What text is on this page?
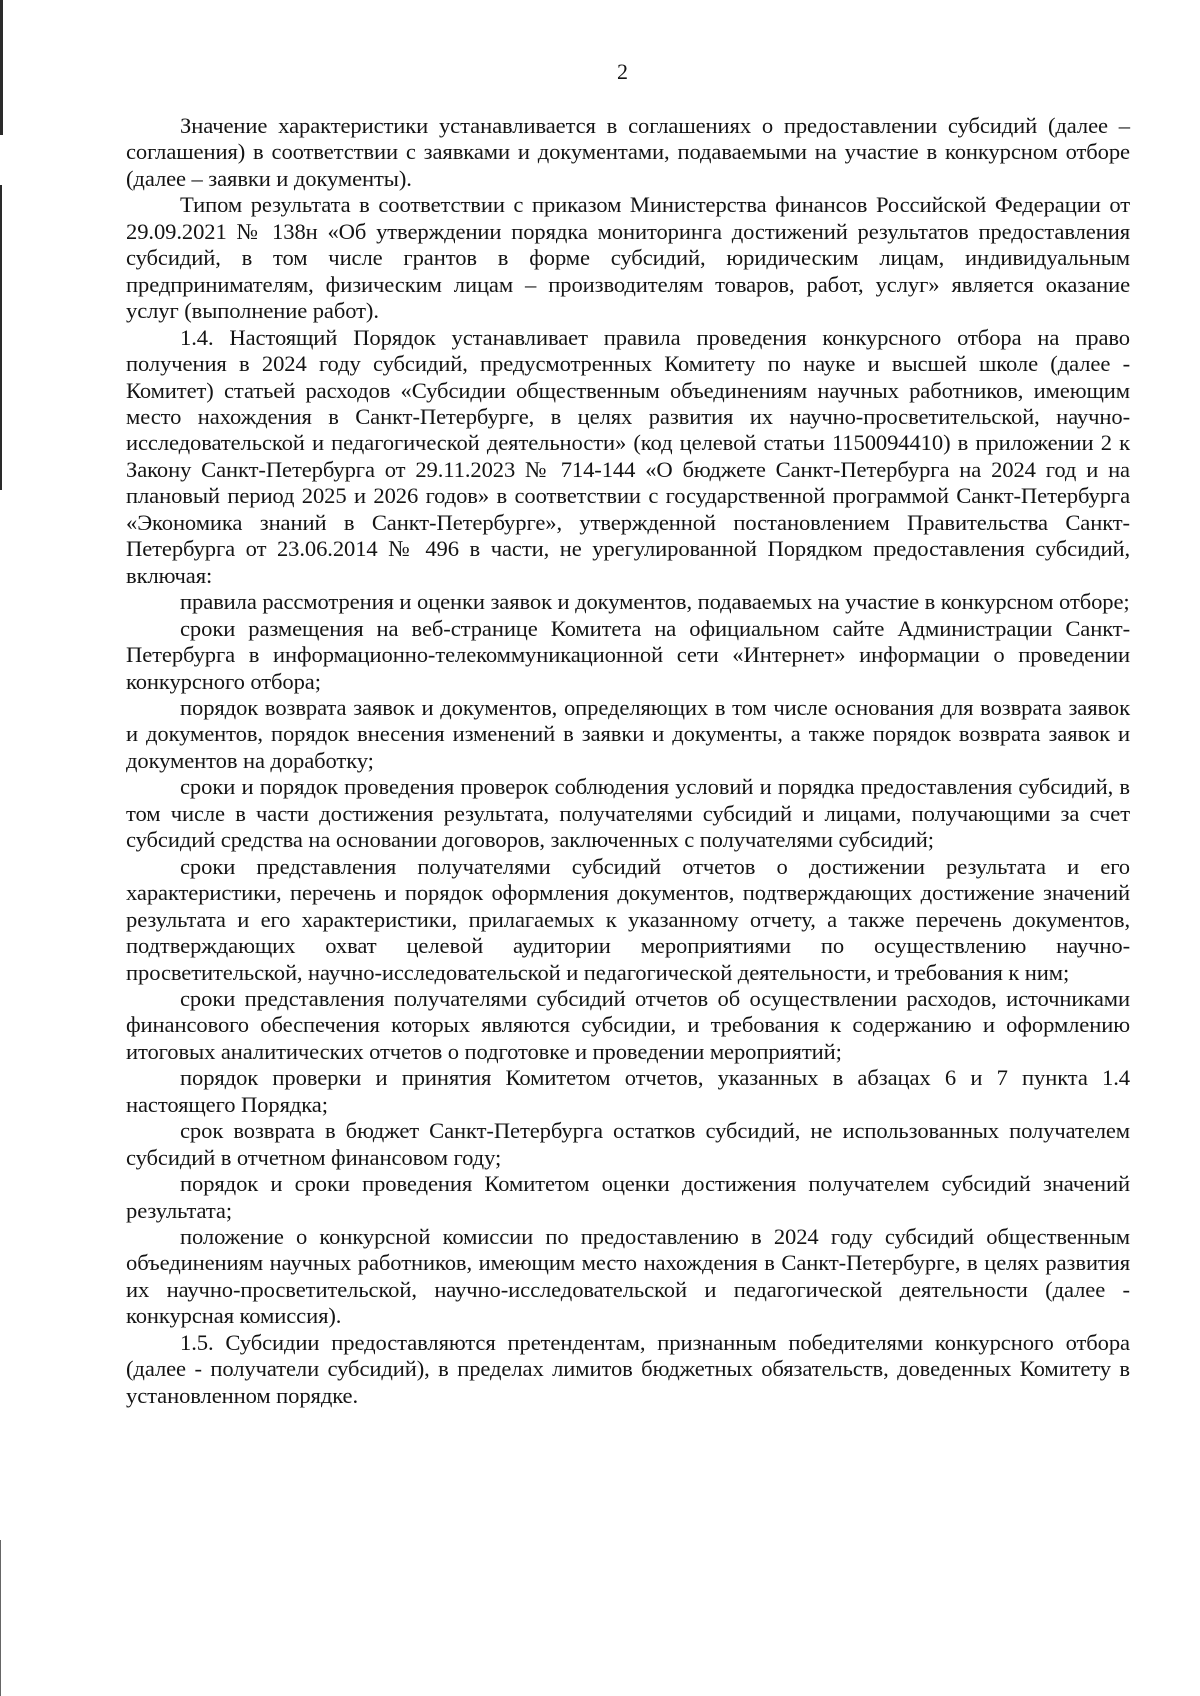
2

Значение характеристики устанавливается в соглашениях о предоставлении субсидий (далее – соглашения) в соответствии с заявками и документами, подаваемыми на участие в конкурсном отборе (далее – заявки и документы).

Типом результата в соответствии с приказом Министерства финансов Российской Федерации от 29.09.2021 № 138н «Об утверждении порядка мониторинга достижений результатов предоставления субсидий, в том числе грантов в форме субсидий, юридическим лицам, индивидуальным предпринимателям, физическим лицам – производителям товаров, работ, услуг» является оказание услуг (выполнение работ).

1.4. Настоящий Порядок устанавливает правила проведения конкурсного отбора на право получения в 2024 году субсидий, предусмотренных Комитету по науке и высшей школе (далее - Комитет) статьей расходов «Субсидии общественным объединениям научных работников, имеющим место нахождения в Санкт-Петербурге, в целях развития их научно-просветительской, научно-исследовательской и педагогической деятельности» (код целевой статьи 1150094410) в приложении 2 к Закону Санкт-Петербурга от 29.11.2023 № 714-144 «О бюджете Санкт-Петербурга на 2024 год и на плановый период 2025 и 2026 годов» в соответствии с государственной программой Санкт-Петербурга «Экономика знаний в Санкт-Петербурге», утвержденной постановлением Правительства Санкт-Петербурга от 23.06.2014 № 496 в части, не урегулированной Порядком предоставления субсидий, включая:

правила рассмотрения и оценки заявок и документов, подаваемых на участие в конкурсном отборе;

сроки размещения на веб-странице Комитета на официальном сайте Администрации Санкт-Петербурга в информационно-телекоммуникационной сети «Интернет» информации о проведении конкурсного отбора;

порядок возврата заявок и документов, определяющих в том числе основания для возврата заявок и документов, порядок внесения изменений в заявки и документы, а также порядок возврата заявок и документов на доработку;

сроки и порядок проведения проверок соблюдения условий и порядка предоставления субсидий, в том числе в части достижения результата, получателями субсидий и лицами, получающими за счет субсидий средства на основании договоров, заключенных с получателями субсидий;

сроки представления получателями субсидий отчетов о достижении результата и его характеристики, перечень и порядок оформления документов, подтверждающих достижение значений результата и его характеристики, прилагаемых к указанному отчету, а также перечень документов, подтверждающих охват целевой аудитории мероприятиями по осуществлению научно-просветительской, научно-исследовательской и педагогической деятельности, и требования к ним;

сроки представления получателями субсидий отчетов об осуществлении расходов, источниками финансового обеспечения которых являются субсидии, и требования к содержанию и оформлению итоговых аналитических отчетов о подготовке и проведении мероприятий;

порядок проверки и принятия Комитетом отчетов, указанных в абзацах 6 и 7 пункта 1.4 настоящего Порядка;

срок возврата в бюджет Санкт-Петербурга остатков субсидий, не использованных получателем субсидий в отчетном финансовом году;

порядок и сроки проведения Комитетом оценки достижения получателем субсидий значений результата;

положение о конкурсной комиссии по предоставлению в 2024 году субсидий общественным объединениям научных работников, имеющим место нахождения в Санкт-Петербурге, в целях развития их научно-просветительской, научно-исследовательской и педагогической деятельности (далее - конкурсная комиссия).

1.5. Субсидии предоставляются претендентам, признанным победителями конкурсного отбора (далее - получатели субсидий), в пределах лимитов бюджетных обязательств, доведенных Комитету в установленном порядке.
